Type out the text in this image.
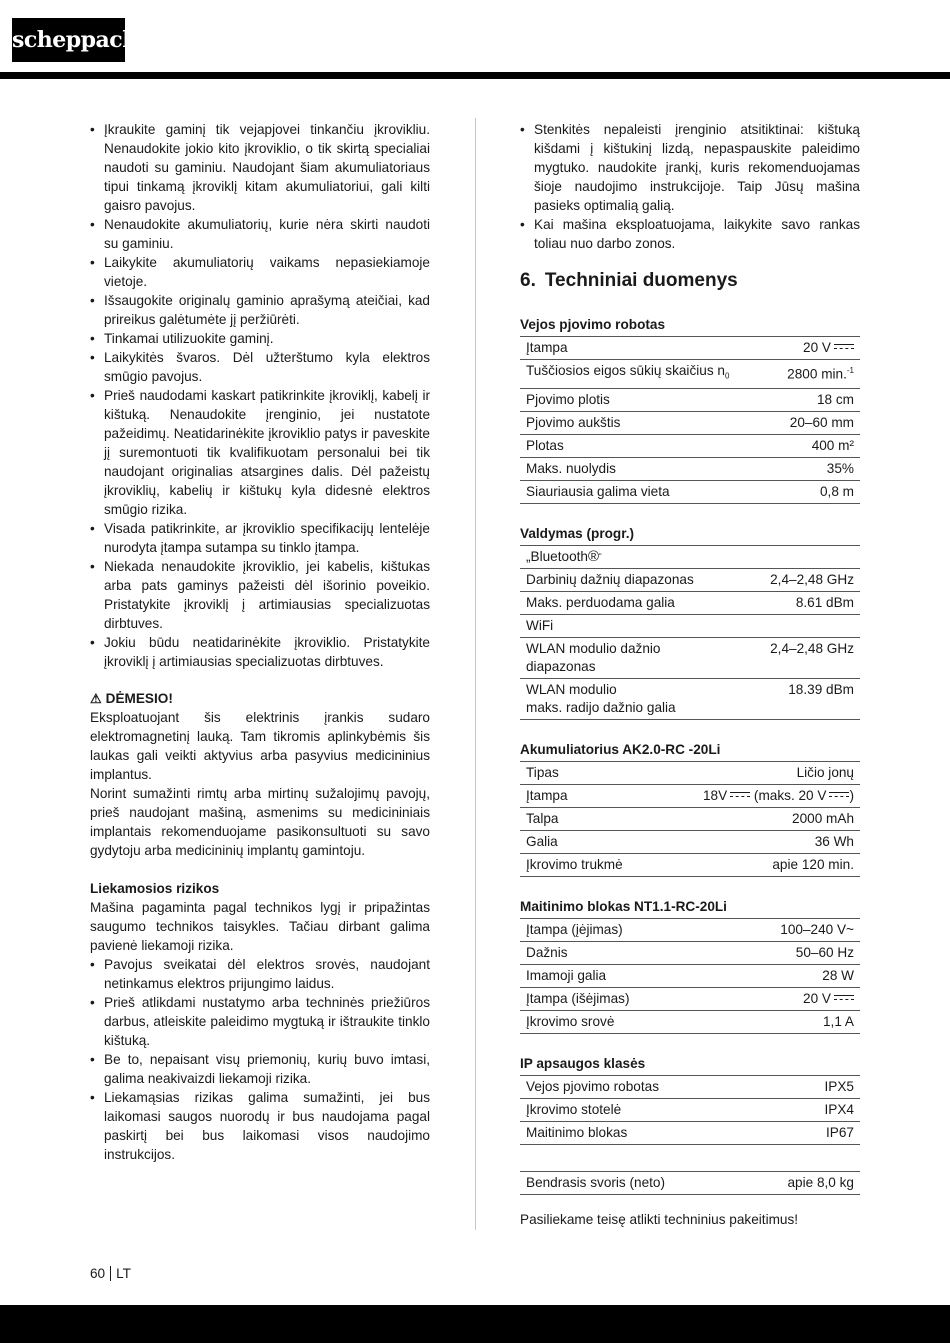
scheppach
• Įkraukite gaminį tik vejapjovei tinkančiu įkrovikliu. Nenaudokite jokio kito įkroviklio, o tik skirtą specialiai naudoti su gaminiu. Naudojant šiam akumuliatoriaus tipui tinkamą įkroviklį kitam akumuliatoriui, gali kilti gaisro pavojus.
• Nenaudokite akumuliatorių, kurie nėra skirti naudoti su gaminiu.
• Laikykite akumuliatorių vaikams nepasiekiamoje vietoje.
• Išsaugokite originalų gaminio aprašymą ateičiai, kad prireikus galėtumėte jį peržiūrėti.
• Tinkamai utilizuokite gaminį.
• Laikykitės švaros. Dėl užterštumo kyla elektros smūgio pavojus.
• Prieš naudodami kaskart patikrinkite įkroviklį, kabelį ir kištuką. Nenaudokite įrenginio, jei nustatote pažeidimų. Neatidarinėkite įkroviklio patys ir paveskite jį suremontuoti tik kvalifikuotam personalui bei tik naudojant originalias atsargines dalis. Dėl pažeistų įkroviklių, kabelių ir kištukų kyla didesnė elektros smūgio rizika.
• Visada patikrinkite, ar įkroviklio specifikacijų lentelėje nurodyta įtampa sutampa su tinklo įtampa.
• Niekada nenaudokite įkroviklio, jei kabelis, kištukas arba pats gaminys pažeisti dėl išorinio poveikio. Pristatykite įkroviklį į artimiausias specializuotas dirbtuves.
• Jokiu būdu neatidarinėkite įkroviklio. Pristatykite įkroviklį į artimiausias specializuotas dirbtuves.
⚠ DĖMESIO!

Eksploatuojant šis elektrinis įrankis sudaro elektromagnetinį lauką. Tam tikromis aplinkybėmis šis laukas gali veikti aktyvius arba pasyvius medicininius implantus.

Norint sumažinti rimtų arba mirtinų sužalojimų pavojų, prieš naudojant mašiną, asmenims su medicininiais implantais rekomenduojame pasikonsultuoti su savo gydytoju arba medicininių implantų gamintoju.

Liekamosios rizikos

Mašina pagaminta pagal technikos lygį ir pripažintas saugumo technikos taisykles. Tačiau dirbant galima pavienė liekamoji rizika.

• Pavojus sveikatai dėl elektros srovės, naudojant netinkamus elektros prijungimo laidus.
• Prieš atlikdami nustatymo arba techninės priežiūros darbus, atleiskite paleidimo mygtuką ir ištraukite tinklo kištuką.
• Be to, nepaisant visų priemonių, kurių buvo imtasi, galima neakivaizdi liekamoji rizika.
• Liekamąsias rizikas galima sumažinti, jei bus laikomasi saugos nuorodų ir bus naudojama pagal paskirtį bei bus laikomasi visos naudojimo instrukcijos.
• Stenkitės nepaleisti įrenginio atsitiktinai: kištuką kišdami į kištukinį lizdą, nepaspauskite paleidimo mygtuko. naudokite įrankį, kuris rekomenduojamas šioje naudojimo instrukcijoje. Taip Jūsų mašina pasieks optimalią galią.
• Kai mašina eksploatuojama, laikykite savo rankas toliau nuo darbo zonos.
6. Techniniai duomenys
Vejos pjovimo robotas
Įtampa	20 V
Tuščiosios eigos sūkių skaičius $n_0$	2800 min.$^{-1}$
Pjovimo plotis	18 cm
Pjovimo aukštis	20–60 mm
Plotas	400 m²
Maks. nuolydis	35%
Siauriausia galima vieta	0,8 m
Valdymas (progr.)
„Bluetooth®“
Darbinių dažnių diapazonas	2,4–2,48 GHz
Maks. perduodama galia	8.61 dBm
WiFi	
WLAN modulio dažnio
diapazonas	2,4–2,48 GHz
WLAN modulio
maks. radijo dažnio galia	18.39 dBm
Akumuliatorius AK2.0-RC -20Li
Tipas	Ličio jonų
Įtampa	18V (maks. 20 V )
Talpa	2000 mAh
Galia	36 Wh
Įkrovimo trukmė	apie 120 min.
Maitinimo blokas NT1.1-RC-20Li
Įtampa (įėjimas)	100–240 V~
Dažnis	50–60 Hz
Imamoji galia	28 W
Įtampa (išėjimas)	20 V
Įkrovimo srovė	1,1 A
IP apsaugos klasės
Vejos pjovimo robotas	IPX5
Įkrovimo stotelė	IPX4
Maitinimo blokas	IP67
Bendrasis svoris (neto)	apie 8,0 kg
Pasiliekame teisę atlikti techninius pakeitimus!
60 LT
